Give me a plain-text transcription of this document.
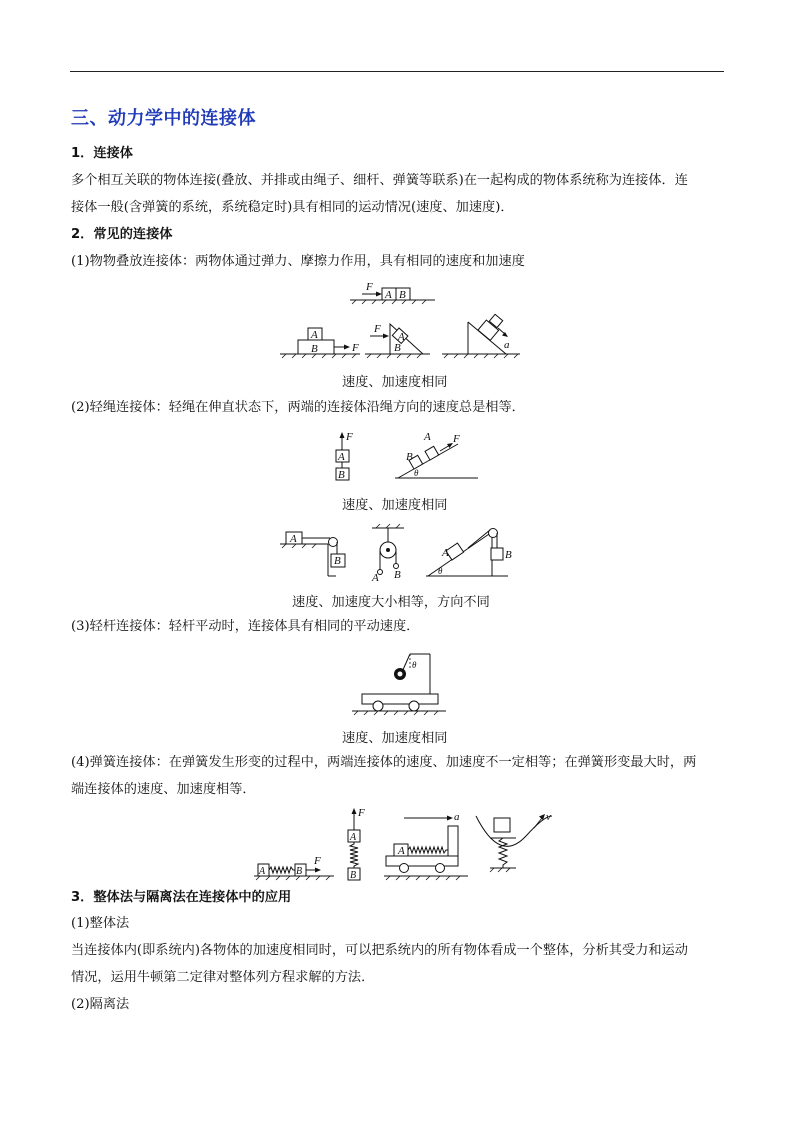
三、动力学中的连接体
1．连接体
多个相互关联的物体连接(叠放、并排或由绳子、细杆、弹簧等联系)在一起构成的物体系统称为连接体．连
接体一般(含弹簧的系统，系统稳定时)具有相同的运动情况(速度、加速度)．
2．常见的连接体
(1)物物叠放连接体：两物体通过弹力、摩擦力作用，具有相同的速度和加速度
F
A B
A
B	F
F
A
B	a
速度、加速度相同
(2)轻绳连接体：轻绳在伸直状态下，两端的连接体沿绳方向的速度总是相等．
F
A
B
B
A F
θ
速度、加速度相同
A
B
A B
A	B
θ
速度、加速度大小相等，方向不同
(3)轻杆连接体：轻杆平动时，连接体具有相同的平动速度．
θ
速度、加速度相同
(4)弹簧连接体：在弹簧发生形变的过程中，两端连接体的速度、加速度不一定相等；在弹簧形变最大时，两
端连接体的速度、加速度相等．
A	B
F
F
A
B
a
A
v
3．整体法与隔离法在连接体中的应用
(1)整体法
当连接体内(即系统内)各物体的加速度相同时，可以把系统内的所有物体看成一个整体，分析其受力和运动
情况，运用牛顿第二定律对整体列方程求解的方法．
(2)隔离法
